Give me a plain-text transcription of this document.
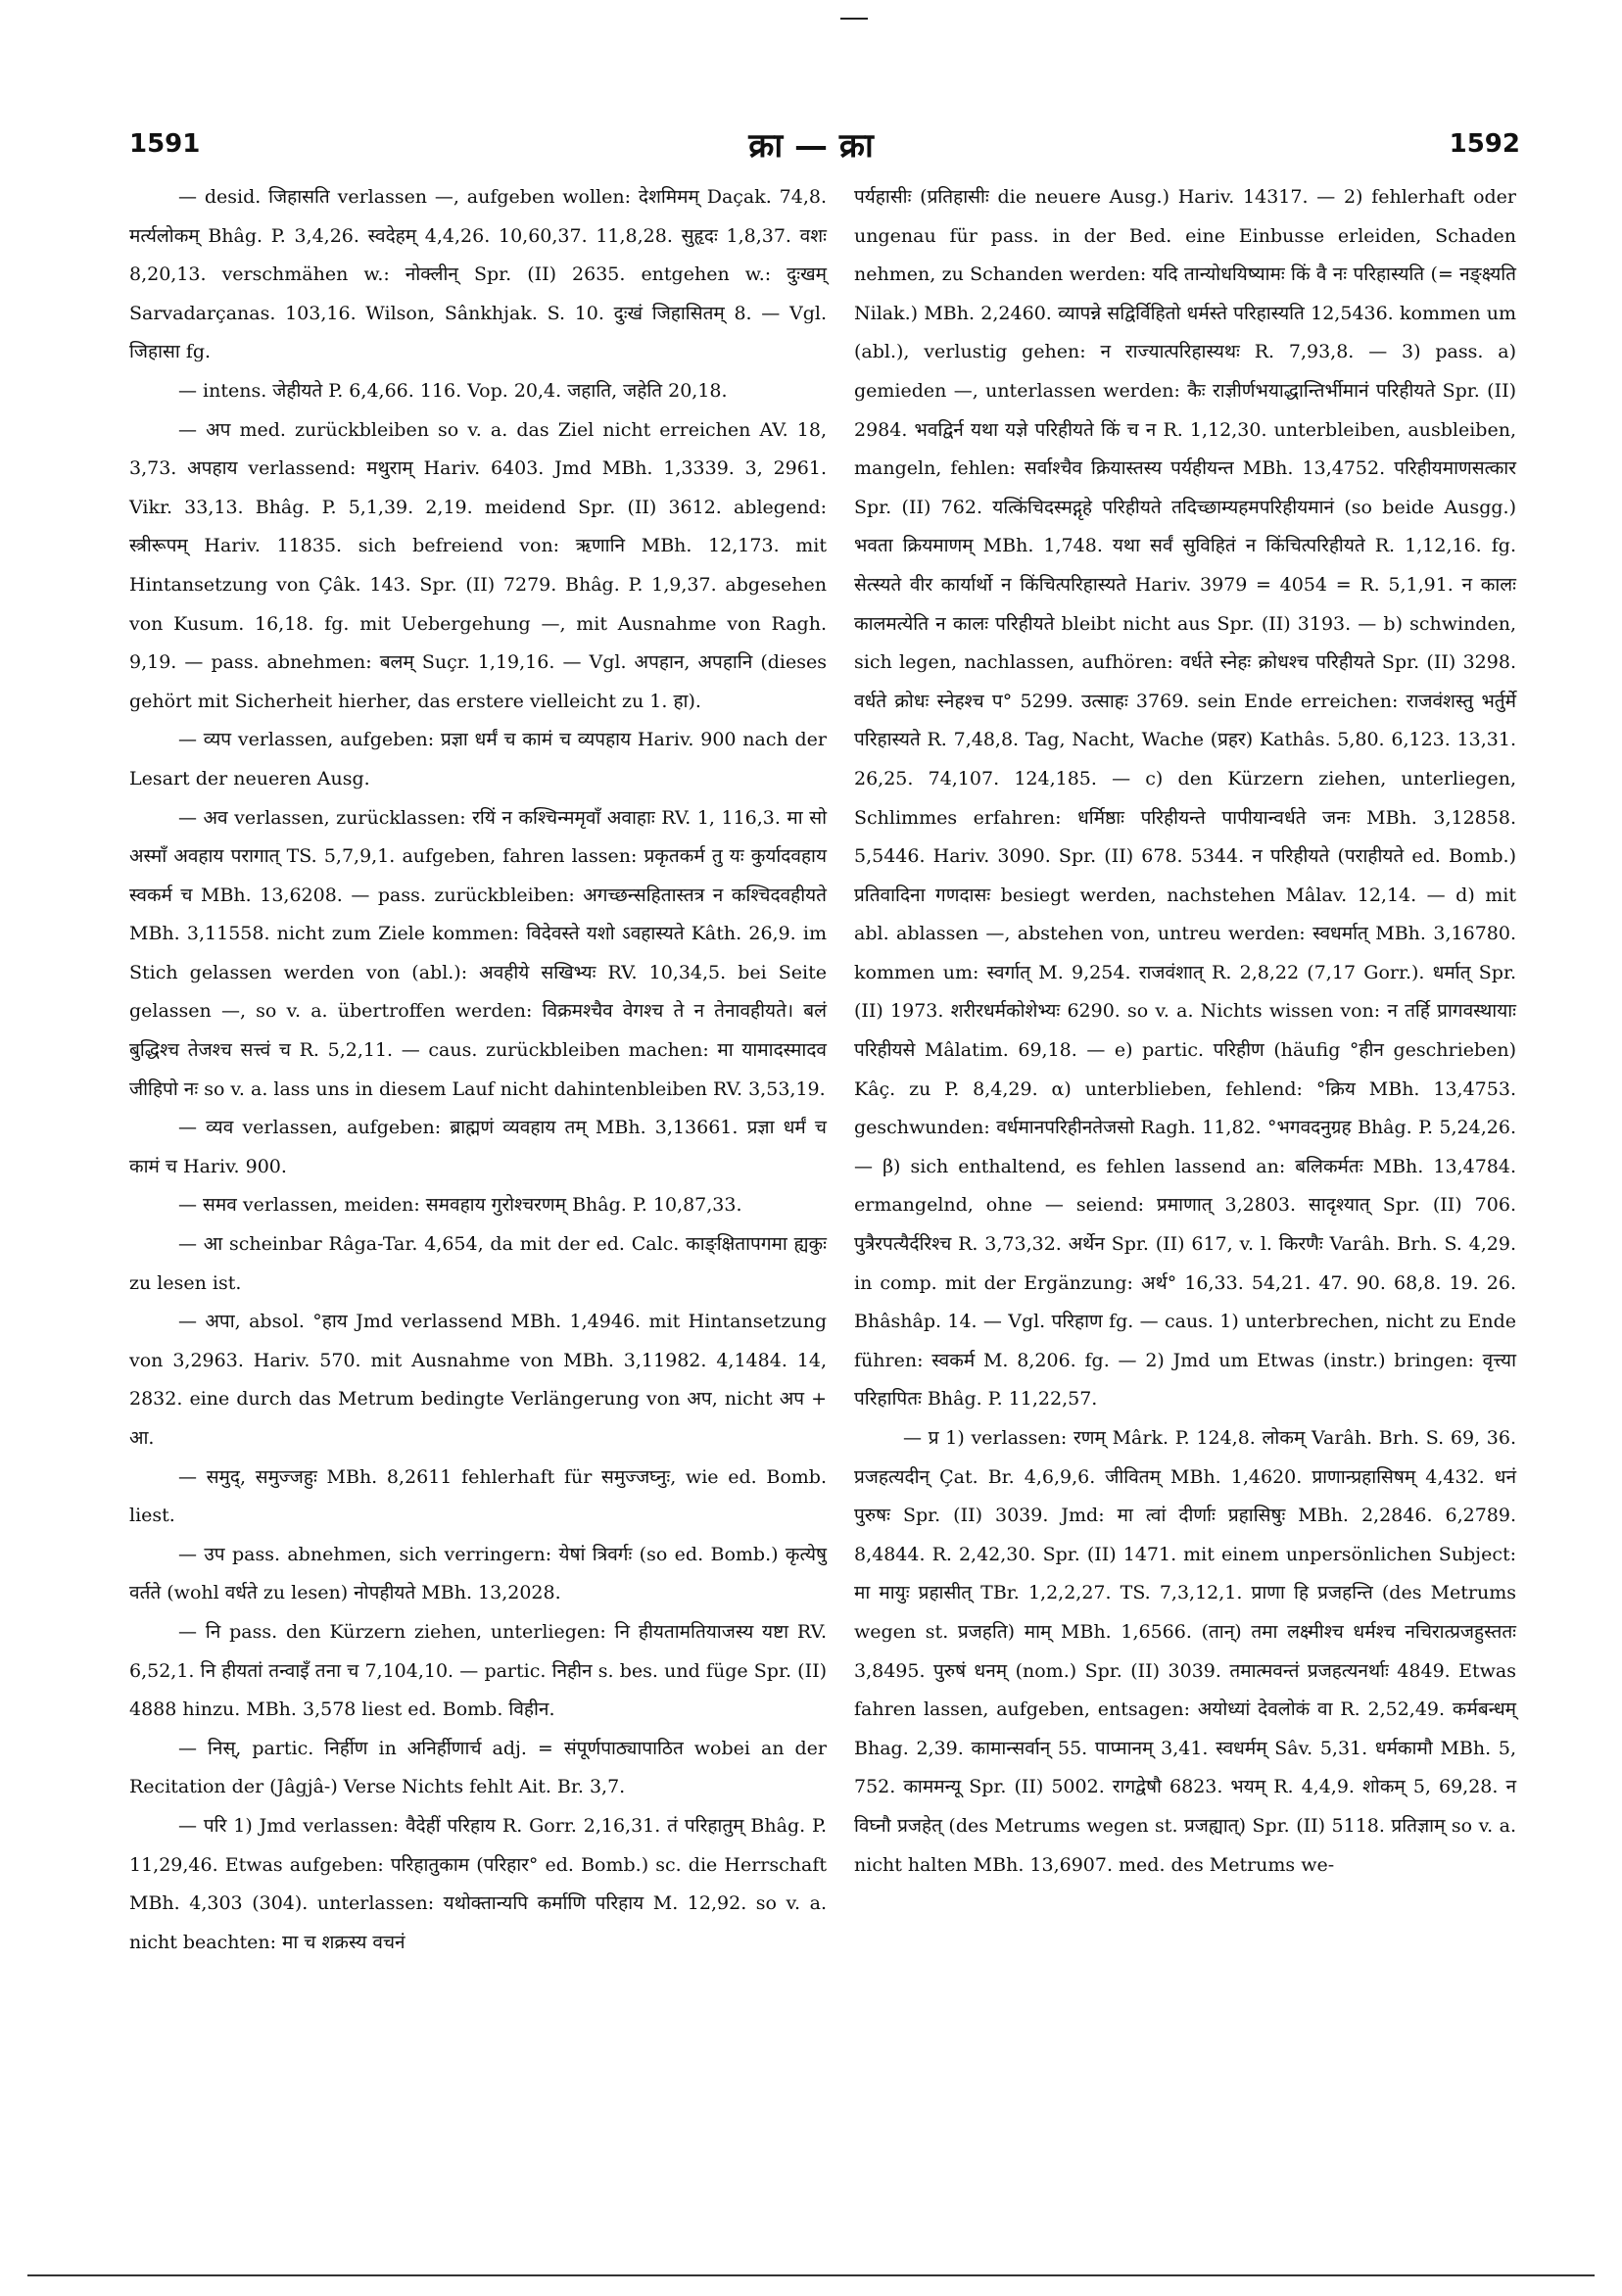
1591	क्रा — क्रा	1592

— desid. जिहासति verlassen —, aufgeben wollen: देशमिमम् Daçak. 74,8. मर्त्यलोकम् Bhâg. P. 3,4,26. स्वदेहम् 4,4,26. 10,60,37. 11,8,28. सुहृदः 1,8,37. वशः 8,20,13. verschmähen w.: नोक्लीन् Spr. (II) 2635. entgehen w.: दुःखम् Sarvadarçanas. 103,16. Wilson, Sânkhjak. S. 10. दुःखं जिहासितम् 8. — Vgl. जिहासा fg.

— intens. जेहीयते P. 6,4,66. 116. Vop. 20,4. जहाति, जहेति 20,18.

— अप med. zurückbleiben so v. a. das Ziel nicht erreichen AV. 18, 3,73. अपहाय verlassend: मथुराम् Hariv. 6403. Jmd MBh. 1,3339. 3, 2961. Vikr. 33,13. Bhâg. P. 5,1,39. 2,19. meidend Spr. (II) 3612. ablegend: स्त्रीरूपम् Hariv. 11835. sich befreiend von: ऋणानि MBh. 12,173. mit Hintansetzung von Çâk. 143. Spr. (II) 7279. Bhâg. P. 1,9,37. abgesehen von Kusum. 16,18. fg. mit Uebergehung —, mit Ausnahme von Ragh. 9,19. — pass. abnehmen: बलम् Suçr. 1,19,16. — Vgl. अपहान, अपहानि (dieses gehört mit Sicherheit hierher, das erstere vielleicht zu 1. हा).

— व्यप verlassen, aufgeben: प्रज्ञा धर्मं च कामं च व्यपहाय Hariv. 900 nach der Lesart der neueren Ausg.

— अव verlassen, zurücklassen: रयिं न कश्चिन्ममृवाँ अवाहाः RV. 1, 116,3. मा सो अस्माँ अवहाय परागात् TS. 5,7,9,1. aufgeben, fahren lassen: प्रकृतकर्म तु यः कुर्यादवहाय स्वकर्म च MBh. 13,6208. — pass. zurückbleiben: अगच्छन्सहितास्तत्र न कश्चिदवहीयते MBh. 3,11558. nicht zum Ziele kommen: विदेवस्ते यशो ऽवहास्यते Kâth. 26,9. im Stich gelassen werden von (abl.): अवहीये सखिभ्यः RV. 10,34,5. bei Seite gelassen —, so v. a. übertroffen werden: विक्रमश्चैव वेगश्च ते न तेनावहीयते। बलं बुद्धिश्च तेजश्च सत्त्वं च R. 5,2,11. — caus. zurückbleiben machen: मा यामादस्मादव जीहिपो नः so v. a. lass uns in diesem Lauf nicht dahintenbleiben RV. 3,53,19.

— व्यव verlassen, aufgeben: ब्राह्मणं व्यवहाय तम् MBh. 3,13661. प्रज्ञा धर्मं च कामं च Hariv. 900.

— समव verlassen, meiden: समवहाय गुरोश्चरणम् Bhâg. P. 10,87,33.

— आ scheinbar Râga-Tar. 4,654, da mit der ed. Calc. काङ्क्षितापगमा ह्यकुः zu lesen ist.

— अपा, absol. °हाय Jmd verlassend MBh. 1,4946. mit Hintansetzung von 3,2963. Hariv. 570. mit Ausnahme von MBh. 3,11982. 4,1484. 14, 2832. eine durch das Metrum bedingte Verlängerung von अप, nicht अप + आ.

— समुद्, समुज्जहुः MBh. 8,2611 fehlerhaft für समुज्जघ्नुः, wie ed. Bomb. liest.

— उप pass. abnehmen, sich verringern: येषां त्रिवर्गः (so ed. Bomb.) कृत्येषु वर्तते (wohl वर्धते zu lesen) नोपहीयते MBh. 13,2028.

— नि pass. den Kürzern ziehen, unterliegen: नि हीयतामतियाजस्य यष्टा RV. 6,52,1. नि हीयतां तन्वाइँ तना च 7,104,10. — partic. निहीन s. bes. und füge Spr. (II) 4888 hinzu. MBh. 3,578 liest ed. Bomb. विहीन.

— निस्, partic. निर्हीण in अनिर्हीणार्च adj. = संपूर्णपाठ्यापाठित wobei an der Recitation der (Jâgjâ-) Verse Nichts fehlt Ait. Br. 3,7.

— परि 1) Jmd verlassen: वैदेहीं परिहाय R. Gorr. 2,16,31. तं परिहातुम् Bhâg. P. 11,29,46. Etwas aufgeben: परिहातुकाम (परिहार° ed. Bomb.) sc. die Herrschaft MBh. 4,303 (304). unterlassen: यथोक्तान्यपि कर्माणि परिहाय M. 12,92. so v. a. nicht beachten: मा च शक्रस्य वचनं

पर्यहासीः (प्रतिहासीः die neuere Ausg.) Hariv. 14317. — 2) fehlerhaft oder ungenau für pass. in der Bed. eine Einbusse erleiden, Schaden nehmen, zu Schanden werden: यदि तान्योधयिष्यामः किं वै नः परिहास्यति (= नङ्क्ष्यति Nilak.) MBh. 2,2460. व्यापन्ने सद्विर्विहितो धर्मस्ते परिहास्यति 12,5436. kommen um (abl.), verlustig gehen: न राज्यात्परिहास्यथः R. 7,93,8. — 3) pass. a) gemieden —, unterlassen werden: कैः राज्ञीर्णभयाद्धान्तिर्भीमानं परिहीयते Spr. (II) 2984. भवद्विर्न यथा यज्ञे परिहीयते किं च न R. 1,12,30. unterbleiben, ausbleiben, mangeln, fehlen: सर्वाश्चैव क्रियास्तस्य पर्यहीयन्त MBh. 13,4752. परिहीयमाणसत्कार Spr. (II) 762. यत्किंचिदस्मद्गृहे परिहीयते तदिच्छाम्यहमपरिहीयमानं (so beide Ausgg.) भवता क्रियमाणम् MBh. 1,748. यथा सर्वं सुविहितं न किंचित्परिहीयते R. 1,12,16. fg. सेत्स्यते वीर कार्यार्थो न किंचित्परिहास्यते Hariv. 3979 = 4054 = R. 5,1,91. न कालः कालमत्येति न कालः परिहीयते bleibt nicht aus Spr. (II) 3193. — b) schwinden, sich legen, nachlassen, aufhören: वर्धते स्नेहः क्रोधश्च परिहीयते Spr. (II) 3298. वर्धते क्रोधः स्नेहश्च प° 5299. उत्साहः 3769. sein Ende erreichen: राजवंशस्तु भर्तुर्मे परिहास्यते R. 7,48,8. Tag, Nacht, Wache (प्रहर) Kathâs. 5,80. 6,123. 13,31. 26,25. 74,107. 124,185. — c) den Kürzern ziehen, unterliegen, Schlimmes erfahren: धर्मिष्ठाः परिहीयन्ते पापीयान्वर्धते जनः MBh. 3,12858. 5,5446. Hariv. 3090. Spr. (II) 678. 5344. न परिहीयते (पराहीयते ed. Bomb.) प्रतिवादिना गणदासः besiegt werden, nachstehen Mâlav. 12,14. — d) mit abl. ablassen —, abstehen von, untreu werden: स्वधर्मात् MBh. 3,16780. kommen um: स्वर्गात् M. 9,254. राजवंशात् R. 2,8,22 (7,17 Gorr.). धर्मात् Spr. (II) 1973. शरीरधर्मकोशेभ्यः 6290. so v. a. Nichts wissen von: न तर्हि प्रागवस्थायाः परिहीयसे Mâlatim. 69,18. — e) partic. परिहीण (häufig °हीन geschrieben) Kâç. zu P. 8,4,29. α) unterblieben, fehlend: °क्रिय MBh. 13,4753. geschwunden: वर्धमानपरिहीनतेजसो Ragh. 11,82. °भगवदनुग्रह Bhâg. P. 5,24,26. — β) sich enthaltend, es fehlen lassend an: बलिकर्मतः MBh. 13,4784. ermangelnd, ohne — seiend: प्रमाणात् 3,2803. सादृश्यात् Spr. (II) 706. पुत्रैरपत्यैर्दरिश्च R. 3,73,32. अर्थेन Spr. (II) 617, v. l. किरणैः Varâh. Brh. S. 4,29. in comp. mit der Ergänzung: अर्थ° 16,33. 54,21. 47. 90. 68,8. 19. 26. Bhâshâp. 14. — Vgl. परिहाण fg. — caus. 1) unterbrechen, nicht zu Ende führen: स्वकर्म M. 8,206. fg. — 2) Jmd um Etwas (instr.) bringen: वृत्त्या परिहापितः Bhâg. P. 11,22,57.

— प्र 1) verlassen: रणम् Mârk. P. 124,8. लोकम् Varâh. Brh. S. 69, 36. प्रजहत्यदीन् Çat. Br. 4,6,9,6. जीवितम् MBh. 1,4620. प्राणान्प्रहासिषम् 4,432. धनं पुरुषः Spr. (II) 3039. Jmd: मा त्वां दीर्णाः प्रहासिषुः MBh. 2,2846. 6,2789. 8,4844. R. 2,42,30. Spr. (II) 1471. mit einem unpersönlichen Subject: मा मायुः प्रहासीत् TBr. 1,2,2,27. TS. 7,3,12,1. प्राणा हि प्रजहन्ति (des Metrums wegen st. प्रजहति) माम् MBh. 1,6566. (तान्) तमा लक्ष्मीश्च धर्मश्च नचिरात्प्रजहुस्ततः 3,8495. पुरुषं धनम् (nom.) Spr. (II) 3039. तमात्मवन्तं प्रजहत्यनर्थाः 4849. Etwas fahren lassen, aufgeben, entsagen: अयोध्यां देवलोकं वा R. 2,52,49. कर्मबन्धम् Bhag. 2,39. कामान्सर्वान् 55. पाप्मानम् 3,41. स्वधर्मम् Sâv. 5,31. धर्मकामौ MBh. 5, 752. काममन्यू Spr. (II) 5002. रागद्वेषौ 6823. भयम् R. 4,4,9. शोकम् 5, 69,28. न विघ्नौ प्रजहेत् (des Metrums wegen st. प्रजह्यात्) Spr. (II) 5118. प्रतिज्ञाम् so v. a. nicht halten MBh. 13,6907. med. des Metrums we-
